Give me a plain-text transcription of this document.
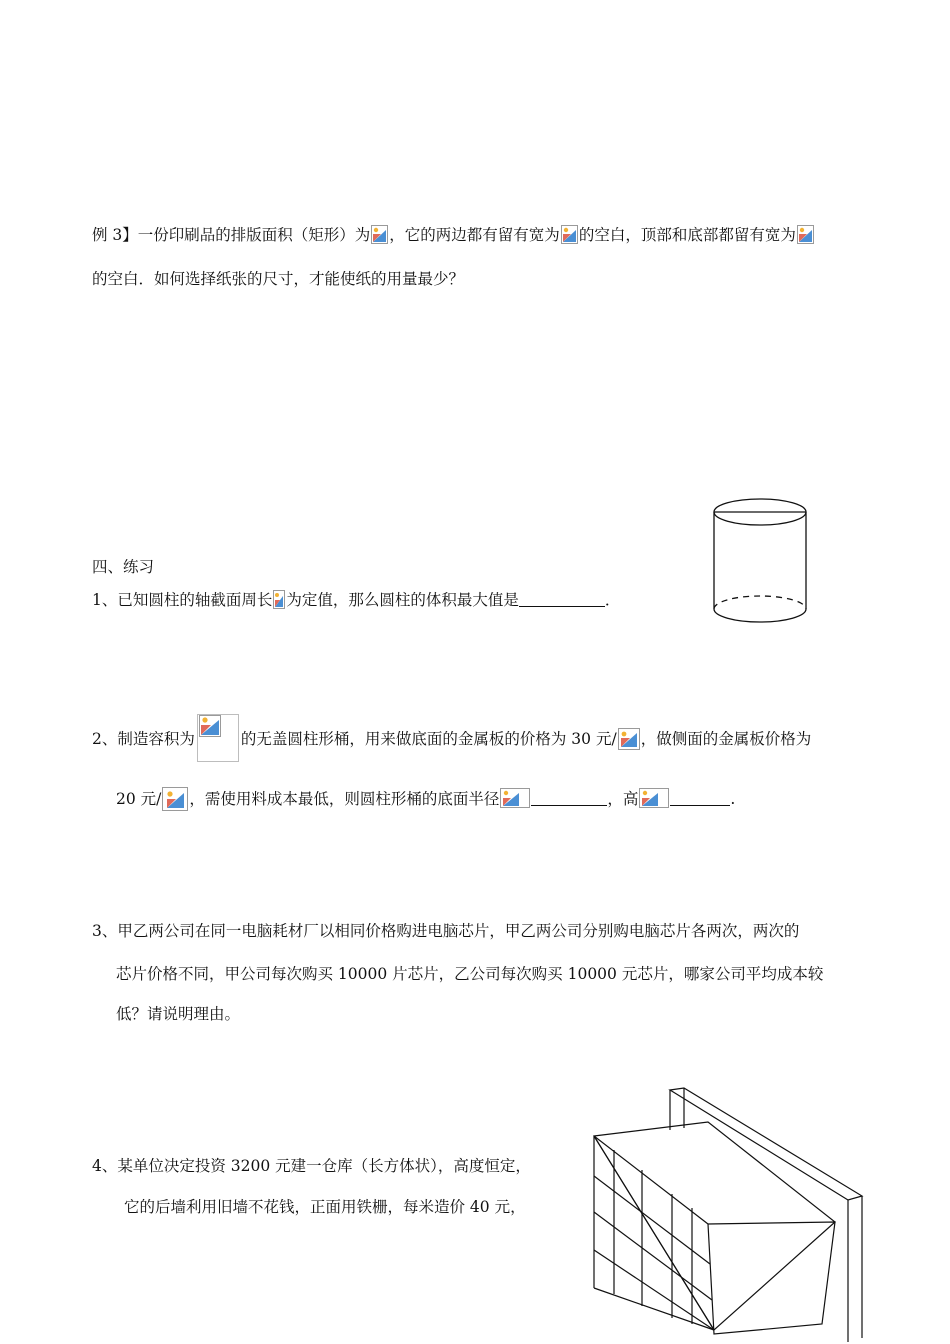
例 3】一份印刷品的排版面积（矩形）为 ，它的两边都有留有宽为 的空白，顶部和底部都留有宽为
的空白．如何选择纸张的尺寸，才能使纸的用量最少？
四、练习
1、已知圆柱的轴截面周长 为定值，那么圆柱的体积最大值是	．
2、制造容积为	的无盖圆柱形桶，用来做底面的金属板的价格为 30 元/ ，做侧面的金属板价格为
20 元/ ，需使用料成本最低，则圆柱形桶的底面半径	，高	.
3、甲乙两公司在同一电脑耗材厂以相同价格购进电脑芯片，甲乙两公司分别购电脑芯片各两次，两次的
芯片价格不同，甲公司每次购买 10000 片芯片，乙公司每次购买 10000 元芯片，哪家公司平均成本较
低？请说明理由。
4、某单位决定投资 3200 元建一仓库（长方体状），高度恒定，
它的后墙利用旧墙不花钱，正面用铁栅，每米造价 40 元，
